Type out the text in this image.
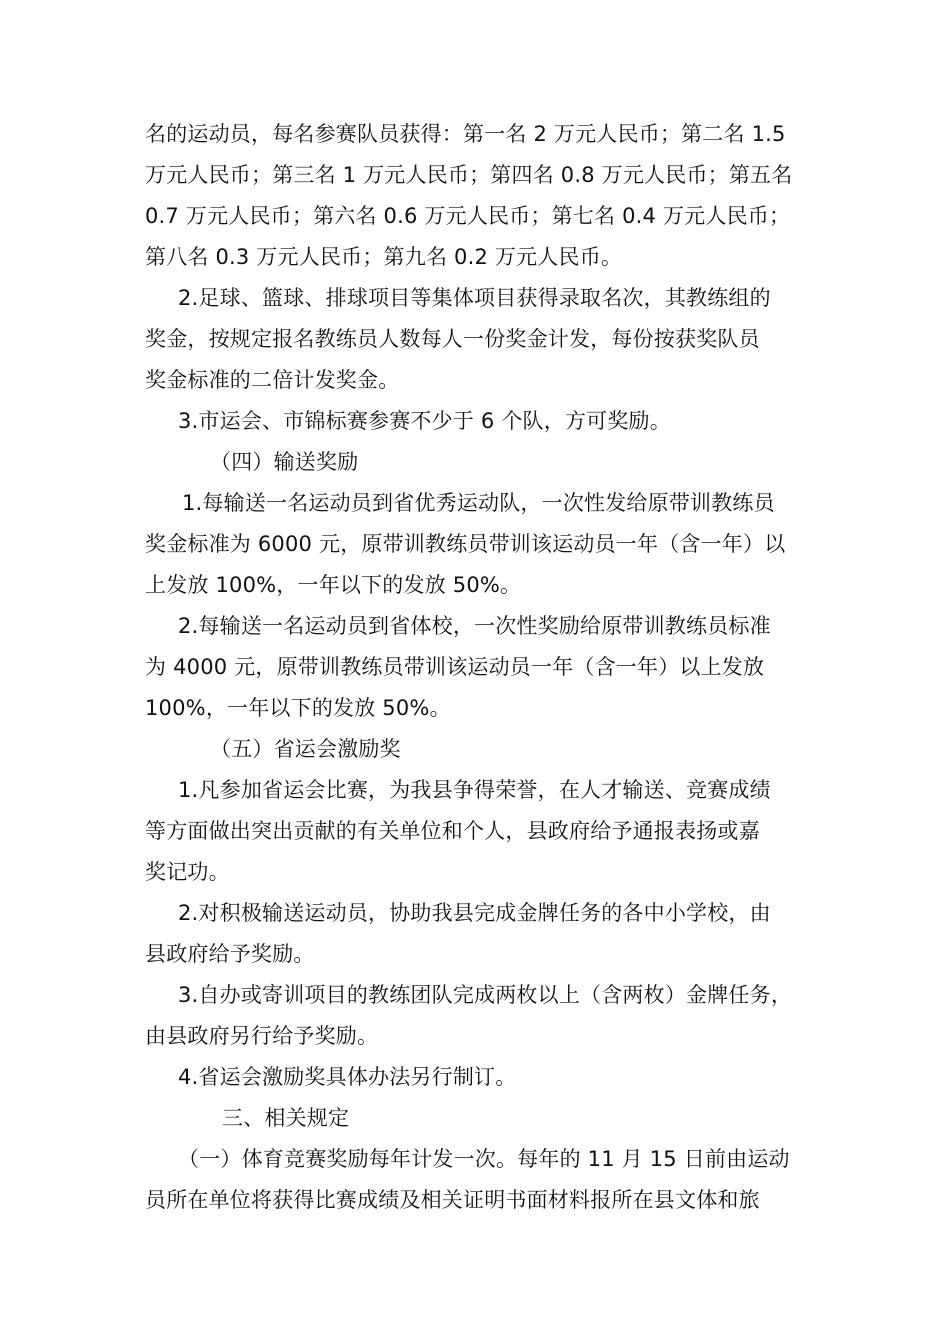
名的运动员，每名参赛队员获得：第一名 2 万元人民币；第二名 1.5
万元人民币；第三名 1 万元人民币；第四名 0.8 万元人民币；第五名
0.7 万元人民币；第六名 0.6 万元人民币；第七名 0.4 万元人民币；
第八名 0.3 万元人民币；第九名 0.2 万元人民币。
2.足球、篮球、排球项目等集体项目获得录取名次，其教练组的
奖金，按规定报名教练员人数每人一份奖金计发，每份按获奖队员
奖金标准的二倍计发奖金。
3.市运会、市锦标赛参赛不少于 6 个队，方可奖励。
（四）输送奖励
1.每输送一名运动员到省优秀运动队，一次性发给原带训教练员
奖金标准为 6000 元，原带训教练员带训该运动员一年（含一年）以
上发放 100%，一年以下的发放 50%。
2.每输送一名运动员到省体校，一次性奖励给原带训教练员标准
为 4000 元，原带训教练员带训该运动员一年（含一年）以上发放
100%，一年以下的发放 50%。
（五）省运会激励奖
1.凡参加省运会比赛，为我县争得荣誉，在人才输送、竞赛成绩
等方面做出突出贡献的有关单位和个人，县政府给予通报表扬或嘉
奖记功。
2.对积极输送运动员，协助我县完成金牌任务的各中小学校，由
县政府给予奖励。
3.自办或寄训项目的教练团队完成两枚以上（含两枚）金牌任务，
由县政府另行给予奖励。
4.省运会激励奖具体办法另行制订。
三、相关规定
（一）体育竞赛奖励每年计发一次。每年的 11 月 15 日前由运动
员所在单位将获得比赛成绩及相关证明书面材料报所在县文体和旅
